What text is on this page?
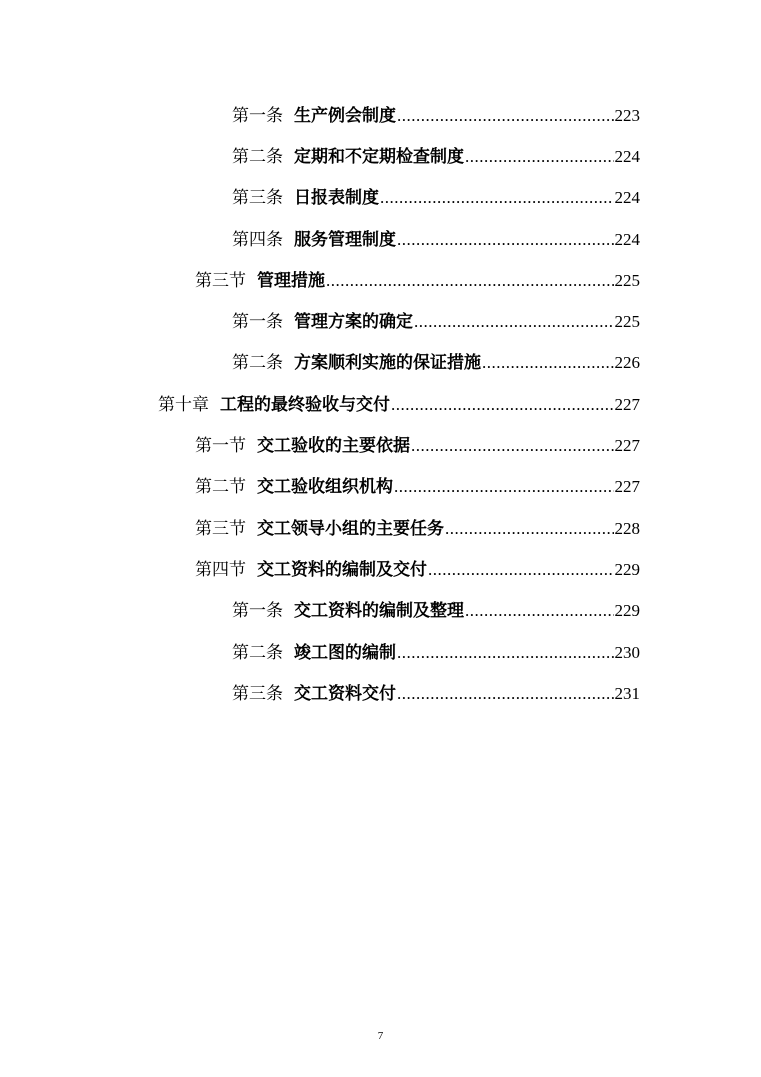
第一条 生产例会制度 .....	223
第二条 定期和不定期检查制度 .....	224
第三条 日报表制度 .....	224
第四条 服务管理制度 .....	224
第三节 管理措施 .....	225
第一条 管理方案的确定 .....	225
第二条 方案顺利实施的保证措施 .....	226
第十章 工程的最终验收与交付 .....	227
第一节 交工验收的主要依据 .....	227
第二节 交工验收组织机构 .....	227
第三节 交工领导小组的主要任务 .....	228
第四节 交工资料的编制及交付 .....	229
第一条 交工资料的编制及整理 .....	229
第二条 竣工图的编制 .....	230
第三条 交工资料交付 .....	231
7
